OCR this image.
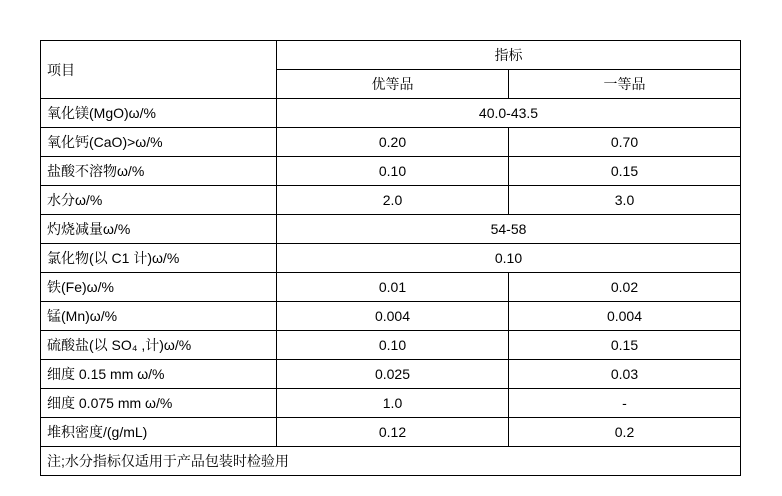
项目	指标	
	优等品	一等品
氧化镁(MgO)ω/%	40.0-43.5	
氧化钙(CaO)>ω/%	0.20	0.70
盐酸不溶物ω/%	0.10	0.15
水分ω/%	2.0	3.0
灼烧减量ω/%	54-58	
氯化物(以 C1 计)ω/%	0.10	
铁(Fe)ω/%	0.01	0.02
锰(Mn)ω/%	0.004	0.004
硫酸盐(以 SO₄ ,计)ω/%	0.10	0.15
细度 0.15 mm ω/%	0.025	0.03
细度 0.075 mm ω/%	1.0	-
堆积密度/(g/mL)	0.12	0.2
注;水分指标仅适用于产品包装时检验用		
